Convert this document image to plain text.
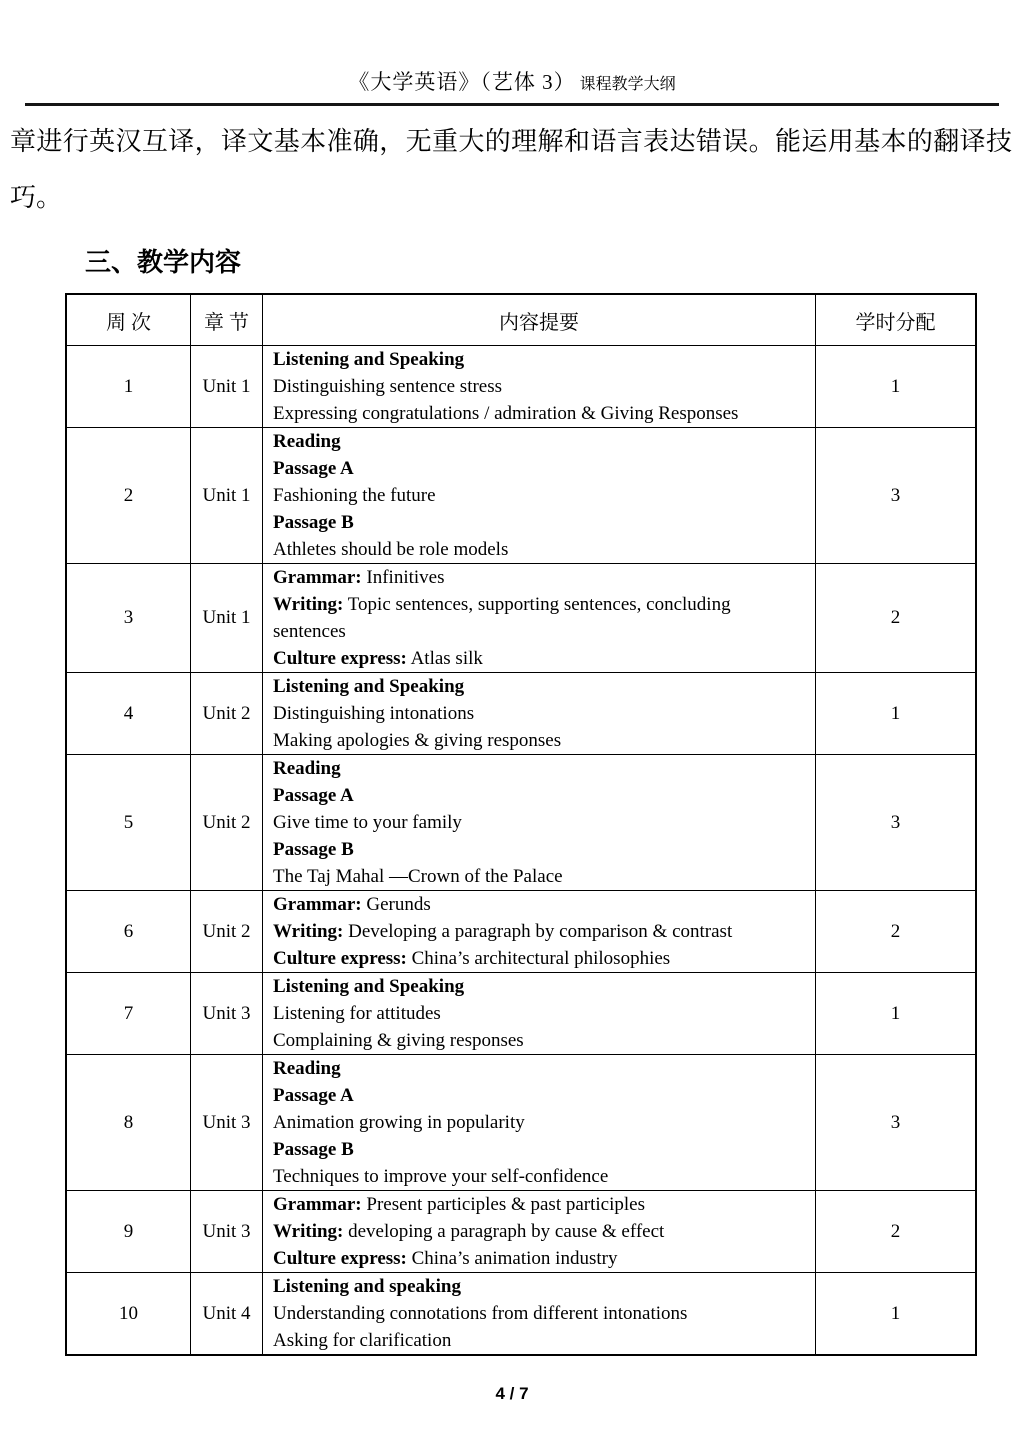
《大学英语》（艺体 3） 课程教学大纲
章进行英汉互译，译文基本准确，无重大的理解和语言表达错误。能运用基本的翻译技巧。
三、教学内容
周 次	章 节	内容提要	学时分配
1	Unit 1	Listening and Speaking
Distinguishing sentence stress
Expressing congratulations / admiration & Giving Responses	1
2	Unit 1	Reading
Passage A
Fashioning the future
Passage B
Athletes should be role models	3
3	Unit 1	Grammar: Infinitives
Writing: Topic sentences, supporting sentences, concluding sentences
Culture express: Atlas silk	2
4	Unit 2	Listening and Speaking
Distinguishing intonations
Making apologies & giving responses	1
5	Unit 2	Reading
Passage A
Give time to your family
Passage B
The Taj Mahal —Crown of the Palace	3
6	Unit 2	Grammar: Gerunds
Writing: Developing a paragraph by comparison & contrast
Culture express: China’s architectural philosophies	2
7	Unit 3	Listening and Speaking
Listening for attitudes
Complaining & giving responses	1
8	Unit 3	Reading
Passage A
Animation growing in popularity
Passage B
Techniques to improve your self-confidence	3
9	Unit 3	Grammar: Present participles & past participles
Writing: developing a paragraph by cause & effect
Culture express: China’s animation industry	2
10	Unit 4	Listening and speaking
Understanding connotations from different intonations
Asking for clarification	1
4 / 7
